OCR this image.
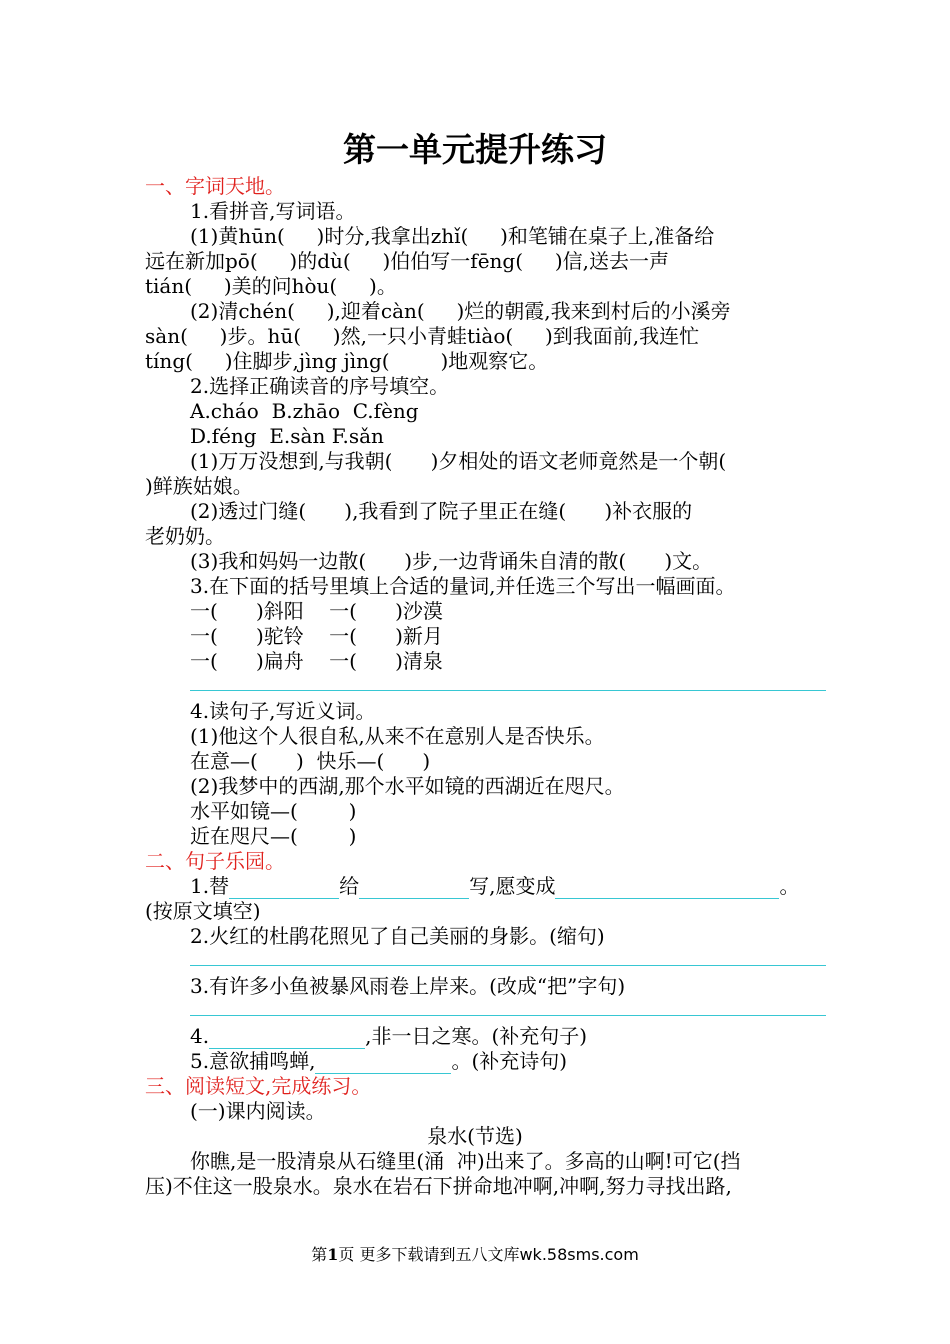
第一单元提升练习
一、字词天地。
1.看拼音,写词语。
(1)黄hūn(     )时分,我拿出zhǐ(     )和笔铺在桌子上,准备给
远在新加pō(     )的dù(     )伯伯写一fēng(     )信,送去一声
tián(     )美的问hòu(     )。
(2)清chén(     ),迎着càn(     )烂的朝霞,我来到村后的小溪旁
sàn(     )步。hū(     )然,一只小青蛙tiào(     )到我面前,我连忙
tíng(     )住脚步,jìng jìng(        )地观察它。
2.选择正确读音的序号填空。
A.cháo  B.zhāo  C.fèng
D.féng  E.sàn F.sǎn
(1)万万没想到,与我朝(      )夕相处的语文老师竟然是一个朝(
)鲜族姑娘。
(2)透过门缝(      ),我看到了院子里正在缝(      )补衣服的
老奶奶。
(3)我和妈妈一边散(      )步,一边背诵朱自清的散(      )文。
3.在下面的括号里填上合适的量词,并任选三个写出一幅画面。
一(      )斜阳    一(      )沙漠
一(      )驼铃    一(      )新月
一(      )扁舟    一(      )清泉
4.读句子,写近义词。
(1)他这个人很自私,从来不在意别人是否快乐。
在意—(      )  快乐—(      )
(2)我梦中的西湖,那个水平如镜的西湖近在咫尺。
水平如镜—(        )
近在咫尺—(        )
二、句子乐园。
1.替	给	写,愿变成	。
(按原文填空)
2.火红的杜鹃花照见了自己美丽的身影。(缩句)
3.有许多小鱼被暴风雨卷上岸来。(改成“把”字句)
4.	,非一日之寒。(补充句子)
5.意欲捕鸣蝉,	。(补充诗句)
三、阅读短文,完成练习。
(一)课内阅读。
泉水(节选)
你瞧,是一股清泉从石缝里(涌  冲)出来了。多高的山啊!可它(挡
压)不住这一股泉水。泉水在岩石下拼命地冲啊,冲啊,努力寻找出路,
第1页 更多下载请到五八文库wk.58sms.com
